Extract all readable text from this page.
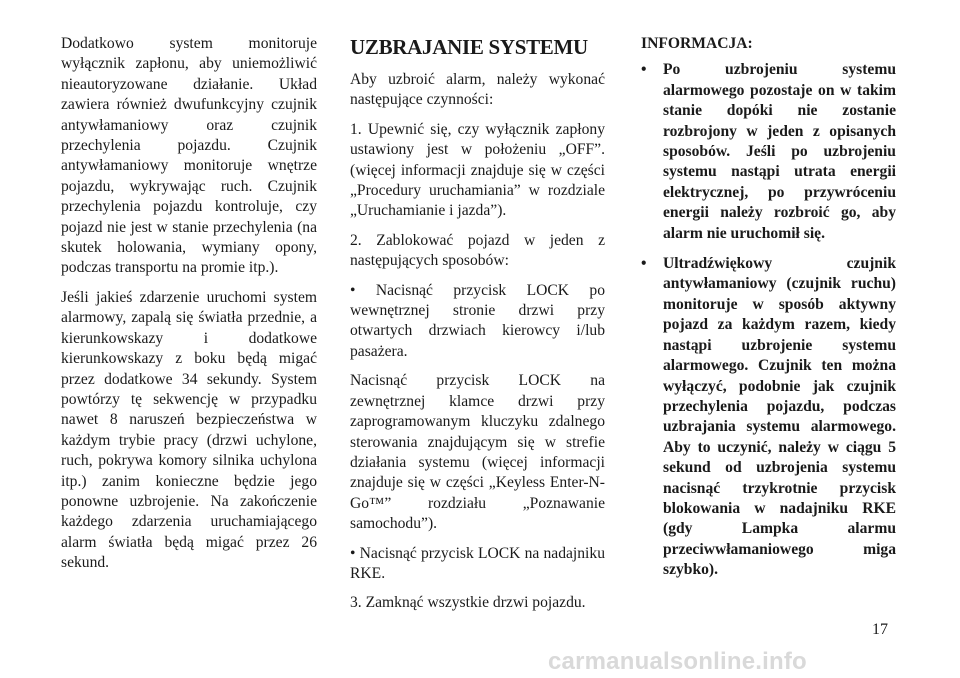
Dodatkowo system monitoruje wyłącznik zapłonu, aby uniemożliwić nieautoryzowane działanie. Układ zawiera również dwufunkcyjny czujnik antywłamaniowy oraz czujnik przechylenia pojazdu. Czujnik antywłamaniowy monitoruje wnętrze pojazdu, wykrywając ruch. Czujnik przechylenia pojazdu kontroluje, czy pojazd nie jest w stanie przechylenia (na skutek holowania, wymiany opony, podczas transportu na promie itp.).

Jeśli jakieś zdarzenie uruchomi system alarmowy, zapalą się światła przednie, a kierunkowskazy i dodatkowe kierunkowskazy z boku będą migać przez dodatkowe 34 sekundy. System powtórzy tę sekwencję w przypadku nawet 8 naruszeń bezpieczeństwa w każdym trybie pracy (drzwi uchylone, ruch, pokrywa komory silnika uchylona itp.) zanim konieczne będzie jego ponowne uzbrojenie. Na zakończenie każdego zdarzenia uruchamiającego alarm światła będą migać przez 26 sekund.

UZBRAJANIE SYSTEMU

Aby uzbroić alarm, należy wykonać następujące czynności:

1. Upewnić się, czy wyłącznik zapłony ustawiony jest w położeniu „OFF”. (więcej informacji znajduje się w części „Procedury uruchamiania” w rozdziale „Uruchamianie i jazda”).

2. Zablokować pojazd w jeden z następujących sposobów:

• Nacisnąć przycisk LOCK po wewnętrznej stronie drzwi przy otwartych drzwiach kierowcy i/lub pasażera.

Nacisnąć przycisk LOCK na zewnętrznej klamce drzwi przy zaprogramowanym kluczyku zdalnego sterowania znajdującym się w strefie działania systemu (więcej informacji znajduje się w części „Keyless Enter-N-Go™” rozdziału „Poznawanie samochodu”).

• Nacisnąć przycisk LOCK na nadajniku RKE.

3. Zamknąć wszystkie drzwi pojazdu.

INFORMACJA:

•	Po uzbrojeniu systemu alarmowego pozostaje on w takim stanie dopóki nie zostanie rozbrojony w jeden z opisanych sposobów. Jeśli po uzbrojeniu systemu nastąpi utrata energii elektrycznej, po przywróceniu energii należy rozbroić go, aby alarm nie uruchomił się.
•	Ultradźwiękowy czujnik antywłamaniowy (czujnik ruchu) monitoruje w sposób aktywny pojazd za każdym razem, kiedy nastąpi uzbrojenie systemu alarmowego. Czujnik ten można wyłączyć, podobnie jak czujnik przechylenia pojazdu, podczas uzbrajania systemu alarmowego. Aby to uczynić, należy w ciągu 5 sekund od uzbrojenia systemu nacisnąć trzykrotnie przycisk blokowania w nadajniku RKE (gdy Lampka alarmu przeciwwłamaniowego miga szybko).
17
carmanualsonline.info
